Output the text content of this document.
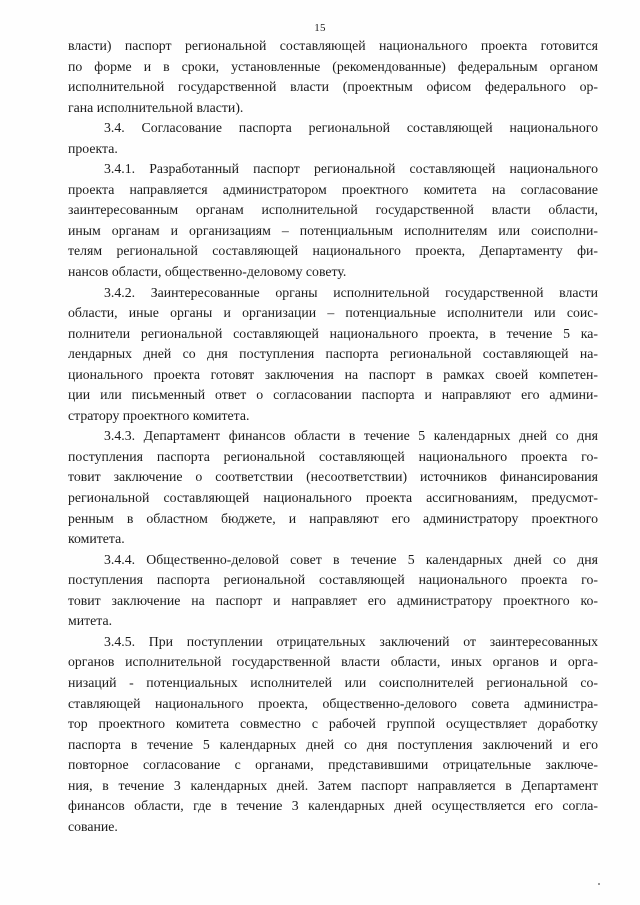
15
власти) паспорт региональной составляющей национального проекта готовится
по форме и в сроки, установленные (рекомендованные) федеральным органом
исполнительной государственной власти (проектным офисом федерального ор-
гана исполнительной власти).
3.4. Согласование паспорта региональной составляющей национального
проекта.
3.4.1. Разработанный паспорт региональной составляющей национального
проекта направляется администратором проектного комитета на согласование
заинтересованным органам исполнительной государственной власти области,
иным органам и организациям – потенциальным исполнителям или соисполни-
телям региональной составляющей национального проекта, Департаменту фи-
нансов области, общественно-деловому совету.
3.4.2. Заинтересованные органы исполнительной государственной власти
области, иные органы и организации – потенциальные исполнители или соис-
полнители региональной составляющей национального проекта, в течение 5 ка-
лендарных дней со дня поступления паспорта региональной составляющей на-
ционального проекта готовят заключения на паспорт в рамках своей компетен-
ции или письменный ответ о согласовании паспорта и направляют его админи-
стратору проектного комитета.
3.4.3. Департамент финансов области в течение 5 календарных дней со дня
поступления паспорта региональной составляющей национального проекта го-
товит заключение о соответствии (несоответствии) источников финансирования
региональной составляющей национального проекта ассигнованиям, предусмот-
ренным в областном бюджете, и направляют его администратору проектного
комитета.
3.4.4. Общественно-деловой совет в течение 5 календарных дней со дня
поступления паспорта региональной составляющей национального проекта го-
товит заключение на паспорт и направляет его администратору проектного ко-
митета.
3.4.5. При поступлении отрицательных заключений от заинтересованных
органов исполнительной государственной власти области, иных органов и орга-
низаций - потенциальных исполнителей или соисполнителей региональной со-
ставляющей национального проекта, общественно-делового совета администра-
тор проектного комитета совместно с рабочей группой осуществляет доработку
паспорта в течение 5 календарных дней со дня поступления заключений и его
повторное согласование с органами, представившими отрицательные заключе-
ния, в течение 3 календарных дней. Затем паспорт направляется в Департамент
финансов области, где в течение 3 календарных дней осуществляется его согла-
сование.
